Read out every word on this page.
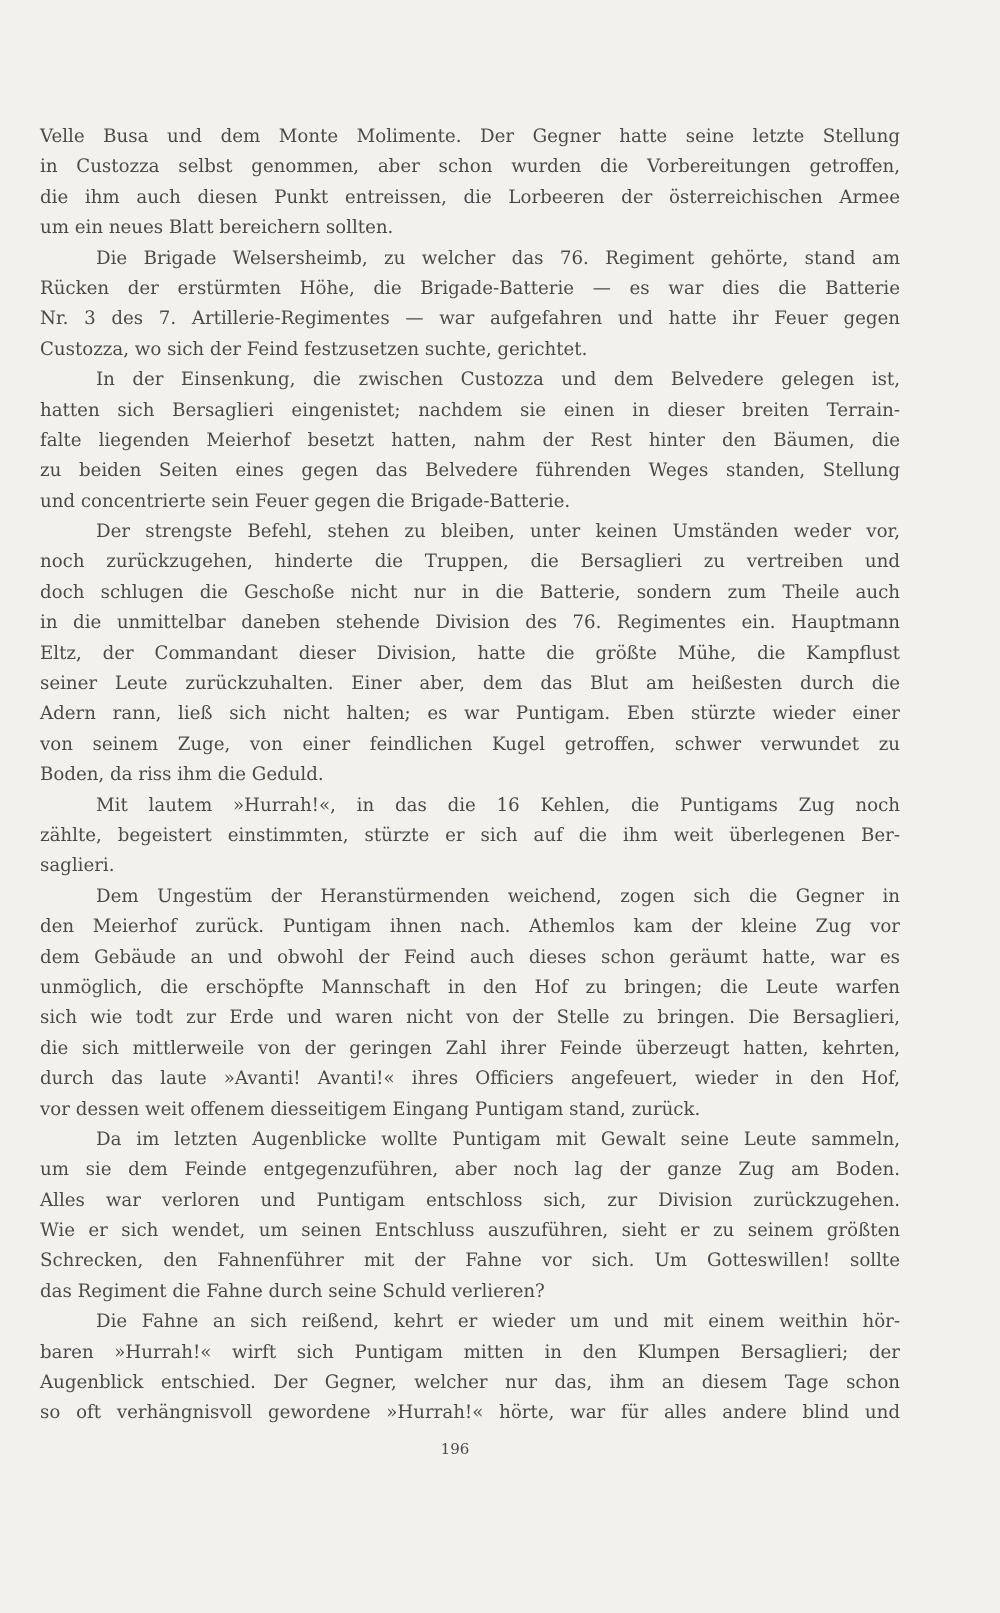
Velle Busa und dem Monte Molimente. Der Gegner hatte seine letzte Stellung
in Custozza selbst genommen, aber schon wurden die Vorbereitungen getroffen,
die ihm auch diesen Punkt entreissen, die Lorbeeren der österreichischen Armee
um ein neues Blatt bereichern sollten.
Die Brigade Welsersheimb, zu welcher das 76. Regiment gehörte, stand am
Rücken der erstürmten Höhe, die Brigade-Batterie — es war dies die Batterie
Nr. 3 des 7. Artillerie-Regimentes — war aufgefahren und hatte ihr Feuer gegen
Custozza, wo sich der Feind festzusetzen suchte, gerichtet.
In der Einsenkung, die zwischen Custozza und dem Belvedere gelegen ist,
hatten sich Bersaglieri eingenistet; nachdem sie einen in dieser breiten Terrain-
falte liegenden Meierhof besetzt hatten, nahm der Rest hinter den Bäumen, die
zu beiden Seiten eines gegen das Belvedere führenden Weges standen, Stellung
und concentrierte sein Feuer gegen die Brigade-Batterie.
Der strengste Befehl, stehen zu bleiben, unter keinen Umständen weder vor,
noch zurückzugehen, hinderte die Truppen, die Bersaglieri zu vertreiben und
doch schlugen die Geschoße nicht nur in die Batterie, sondern zum Theile auch
in die unmittelbar daneben stehende Division des 76. Regimentes ein. Hauptmann
Eltz, der Commandant dieser Division, hatte die größte Mühe, die Kampflust
seiner Leute zurückzuhalten. Einer aber, dem das Blut am heißesten durch die
Adern rann, ließ sich nicht halten; es war Puntigam. Eben stürzte wieder einer
von seinem Zuge, von einer feindlichen Kugel getroffen, schwer verwundet zu
Boden, da riss ihm die Geduld.
Mit lautem »Hurrah!«, in das die 16 Kehlen, die Puntigams Zug noch
zählte, begeistert einstimmten, stürzte er sich auf die ihm weit überlegenen Ber-
saglieri.
Dem Ungestüm der Heranstürmenden weichend, zogen sich die Gegner in
den Meierhof zurück. Puntigam ihnen nach. Athemlos kam der kleine Zug vor
dem Gebäude an und obwohl der Feind auch dieses schon geräumt hatte, war es
unmöglich, die erschöpfte Mannschaft in den Hof zu bringen; die Leute warfen
sich wie todt zur Erde und waren nicht von der Stelle zu bringen. Die Bersaglieri,
die sich mittlerweile von der geringen Zahl ihrer Feinde überzeugt hatten, kehrten,
durch das laute »Avanti! Avanti!« ihres Officiers angefeuert, wieder in den Hof,
vor dessen weit offenem diesseitigem Eingang Puntigam stand, zurück.
Da im letzten Augenblicke wollte Puntigam mit Gewalt seine Leute sammeln,
um sie dem Feinde entgegenzuführen, aber noch lag der ganze Zug am Boden.
Alles war verloren und Puntigam entschloss sich, zur Division zurückzugehen.
Wie er sich wendet, um seinen Entschluss auszuführen, sieht er zu seinem größten
Schrecken, den Fahnenführer mit der Fahne vor sich. Um Gotteswillen! sollte
das Regiment die Fahne durch seine Schuld verlieren?
Die Fahne an sich reißend, kehrt er wieder um und mit einem weithin hör-
baren »Hurrah!« wirft sich Puntigam mitten in den Klumpen Bersaglieri; der
Augenblick entschied. Der Gegner, welcher nur das, ihm an diesem Tage schon
so oft verhängnisvoll gewordene »Hurrah!« hörte, war für alles andere blind und
196
